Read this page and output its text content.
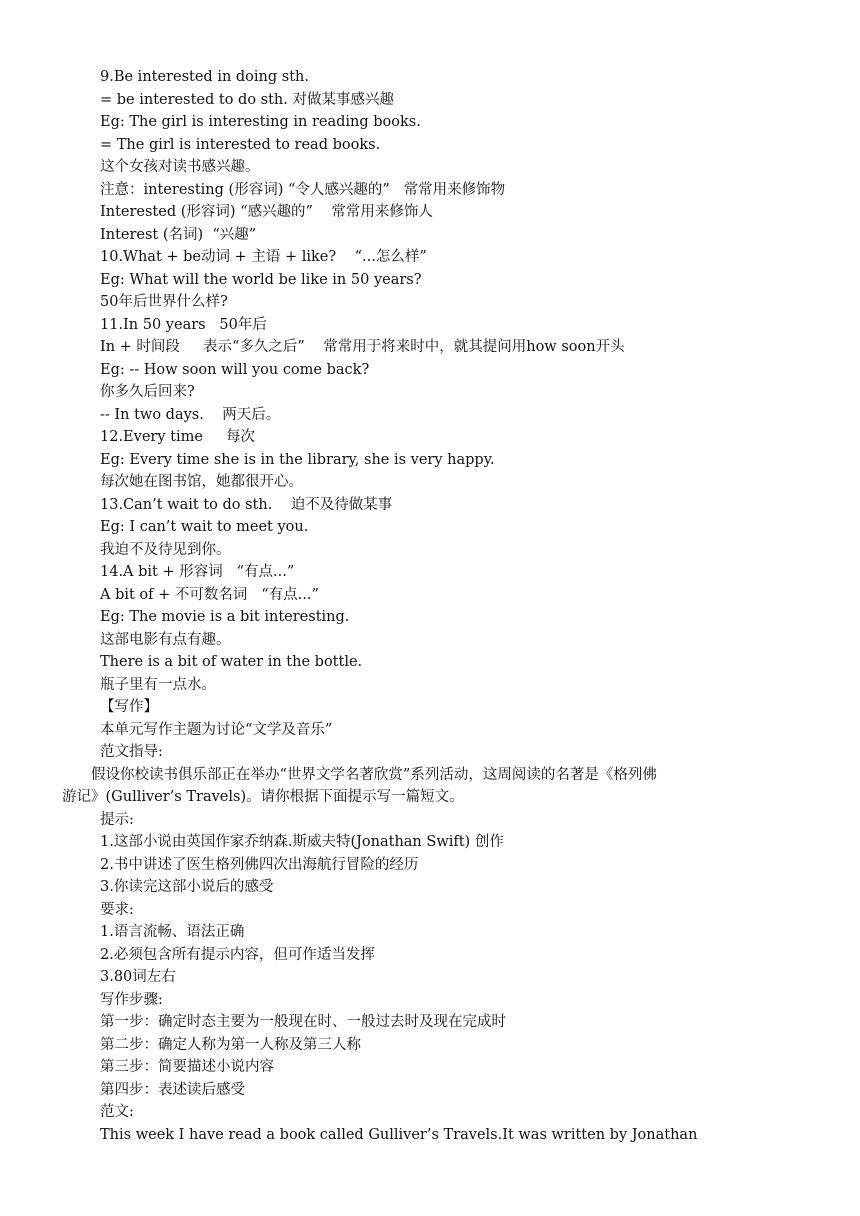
9.Be interested in doing sth.
= be interested to do sth. 对做某事感兴趣
Eg: The girl is interesting in reading books.
= The girl is interested to read books.
这个女孩对读书感兴趣。
注意：interesting (形容词) “令人感兴趣的”   常常用来修饰物
Interested (形容词) “感兴趣的”    常常用来修饰人
Interest (名词)  “兴趣”
10.What + be动词 + 主语 + like?    “...怎么样”
Eg: What will the world be like in 50 years?
50年后世界什么样?
11.In 50 years   50年后
In + 时间段     表示“多久之后”    常常用于将来时中，就其提问用how soon开头
Eg: -- How soon will you come back?
你多久后回来?
-- In two days.    两天后。
12.Every time     每次
Eg: Every time she is in the library, she is very happy.
每次她在图书馆，她都很开心。
13.Can’t wait to do sth.    迫不及待做某事
Eg: I can’t wait to meet you.
我迫不及待见到你。
14.A bit + 形容词   “有点...”
A bit of + 不可数名词   “有点...”
Eg: The movie is a bit interesting.
这部电影有点有趣。
There is a bit of water in the bottle.
瓶子里有一点水。
【写作】
本单元写作主题为讨论“文学及音乐”
范文指导:
假设你校读书俱乐部正在举办“世界文学名著欣赏”系列活动，这周阅读的名著是《格列佛
游记》(Gulliver’s Travels)。请你根据下面提示写一篇短文。
提示:
1.这部小说由英国作家乔纳森.斯威夫特(Jonathan Swift) 创作
2.书中讲述了医生格列佛四次出海航行冒险的经历
3.你读完这部小说后的感受
要求:
1.语言流畅、语法正确
2.必须包含所有提示内容，但可作适当发挥
3.80词左右
写作步骤:
第一步：确定时态主要为一般现在时、一般过去时及现在完成时
第二步：确定人称为第一人称及第三人称
第三步：简要描述小说内容
第四步：表述读后感受
范文:
This week I have read a book called Gulliver’s Travels.It was written by Jonathan
